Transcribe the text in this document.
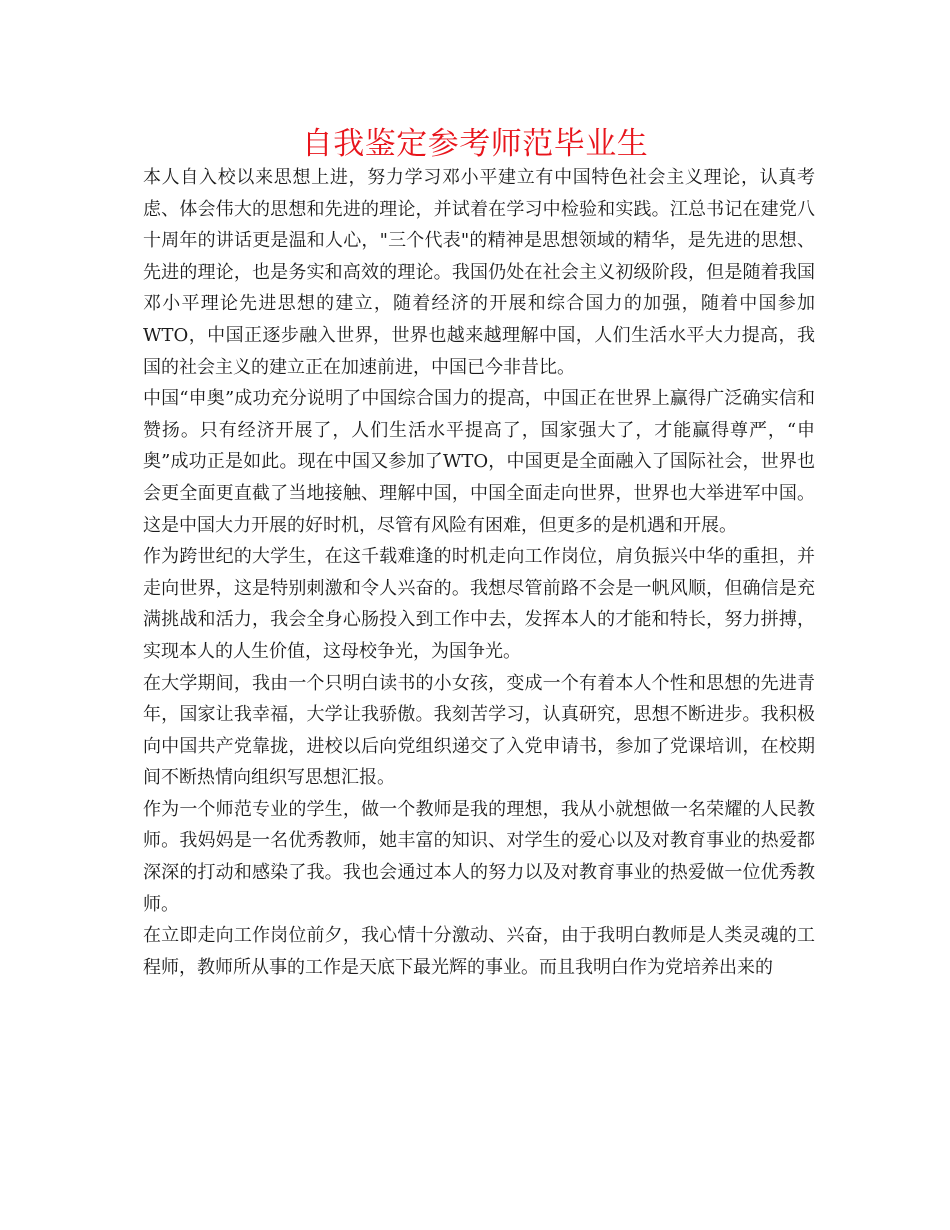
自我鉴定参考师范毕业生

本人自入校以来思想上进，努力学习邓小平建立有中国特色社会主义理论，认真考虑、体会伟大的思想和先进的理论，并试着在学习中检验和实践。江总书记在建党八十周年的讲话更是温和人心，"三个代表"的精神是思想领域的精华，是先进的思想、先进的理论，也是务实和高效的理论。我国仍处在社会主义初级阶段，但是随着我国邓小平理论先进思想的建立，随着经济的开展和综合国力的加强，随着中国参加WTO，中国正逐步融入世界，世界也越来越理解中国，人们生活水平大力提高，我国的社会主义的建立正在加速前进，中国已今非昔比。

中国“申奥”成功充分说明了中国综合国力的提高，中国正在世界上赢得广泛确实信和赞扬。只有经济开展了，人们生活水平提高了，国家强大了，才能赢得尊严，“申奥”成功正是如此。现在中国又参加了WTO，中国更是全面融入了国际社会，世界也会更全面更直截了当地接触、理解中国，中国全面走向世界，世界也大举进军中国。这是中国大力开展的好时机，尽管有风险有困难，但更多的是机遇和开展。

作为跨世纪的大学生，在这千载难逢的时机走向工作岗位，肩负振兴中华的重担，并走向世界，这是特别刺激和令人兴奋的。我想尽管前路不会是一帆风顺，但确信是充满挑战和活力，我会全身心肠投入到工作中去，发挥本人的才能和特长，努力拼搏，实现本人的人生价值，这母校争光，为国争光。

在大学期间，我由一个只明白读书的小女孩，变成一个有着本人个性和思想的先进青年，国家让我幸福，大学让我骄傲。我刻苦学习，认真研究，思想不断进步。我积极向中国共产党靠拢，进校以后向党组织递交了入党申请书，参加了党课培训，在校期间不断热情向组织写思想汇报。

作为一个师范专业的学生，做一个教师是我的理想，我从小就想做一名荣耀的人民教师。我妈妈是一名优秀教师，她丰富的知识、对学生的爱心以及对教育事业的热爱都深深的打动和感染了我。我也会通过本人的努力以及对教育事业的热爱做一位优秀教师。

在立即走向工作岗位前夕，我心情十分激动、兴奋，由于我明白教师是人类灵魂的工程师，教师所从事的工作是天底下最光辉的事业。而且我明白作为党培养出来的
